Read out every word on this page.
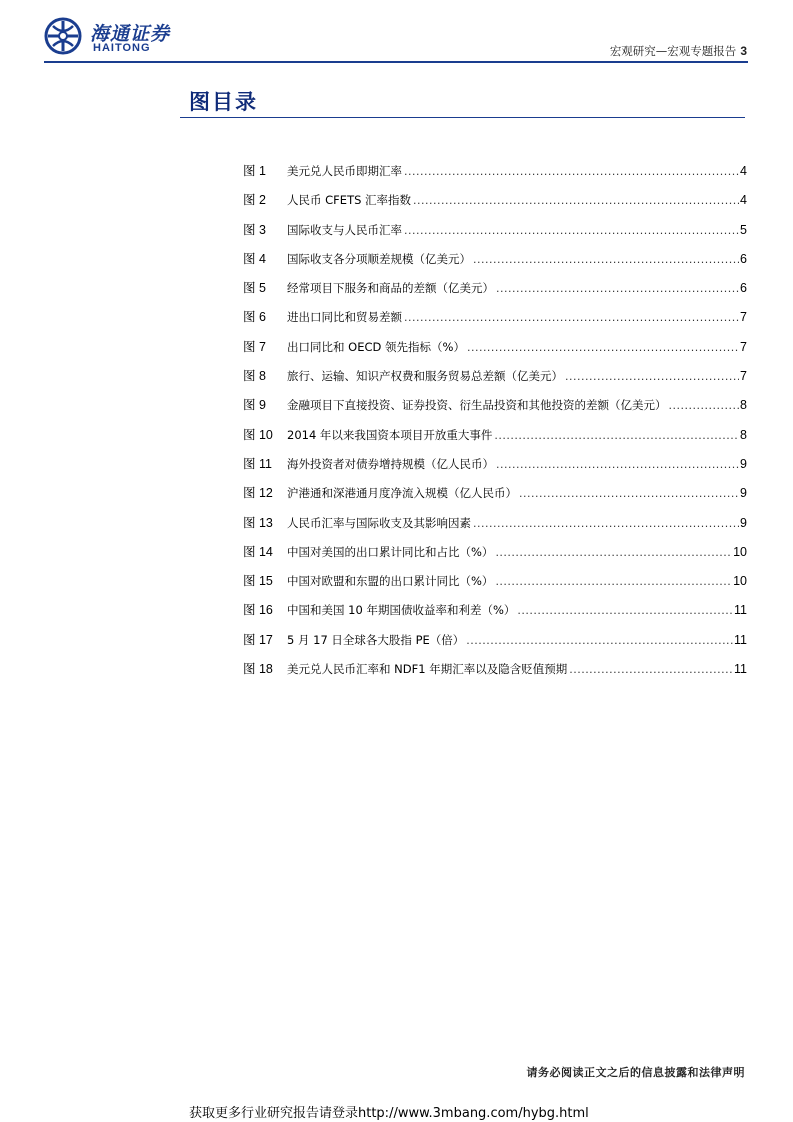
海通证券
HAITONG	宏观研究—宏观专题报告 3
图目录
图 1	美元兑人民币即期汇率 .....	4
图 2	人民币 CFETS 汇率指数 .....	4
图 3	国际收支与人民币汇率 .....	5
图 4	国际收支各分项顺差规模（亿美元） .....	6
图 5	经常项目下服务和商品的差额（亿美元） .....	6
图 6	进出口同比和贸易差额 .....	7
图 7	出口同比和 OECD 领先指标（%） .....	7
图 8	旅行、运输、知识产权费和服务贸易总差额（亿美元） .....	7
图 9	金融项目下直接投资、证券投资、衍生品投资和其他投资的差额（亿美元） .....	8
图 10	2014 年以来我国资本项目开放重大事件 .....	8
图 11	海外投资者对债券增持规模（亿人民币） .....	9
图 12	沪港通和深港通月度净流入规模（亿人民币） .....	9
图 13	人民币汇率与国际收支及其影响因素 .....	9
图 14	中国对美国的出口累计同比和占比（%） .....	10
图 15	中国对欧盟和东盟的出口累计同比（%） .....	10
图 16	中国和美国 10 年期国债收益率和利差（%） .....	11
图 17	5 月 17 日全球各大股指 PE（倍） .....	11
图 18	美元兑人民币汇率和 NDF1 年期汇率以及隐含贬值预期 .....	11
请务必阅读正文之后的信息披露和法律声明
获取更多行业研究报告请登录http://www.3mbang.com/hybg.html
